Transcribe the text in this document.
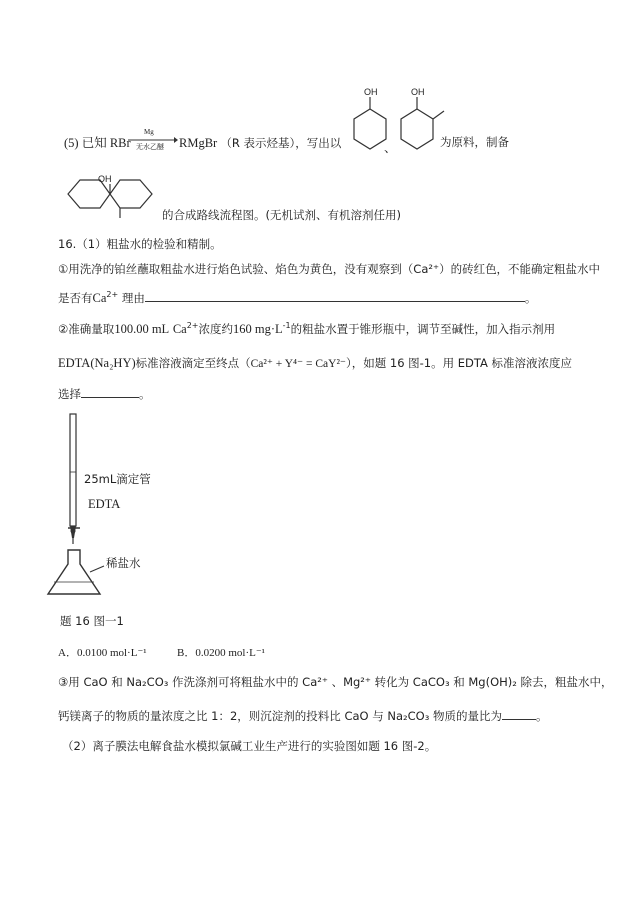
(5) 已知 RBr
Mg
无水乙醚 RMgBr （R 表示烃基），写出以
OH
、
OH
为原料，制备
OH
的合成路线流程图。(无机试剂、有机溶剂任用)
16.（1）粗盐水的检验和精制。
①用洗净的铂丝蘸取粗盐水进行焰色试验、焰色为黄色，没有观察到（Ca²⁺）的砖红色，不能确定粗盐水中
是否有$Ca^{2+}$ 理由	。
②准确量取100.00 mL $Ca^{2+}$浓度约160 $mg\cdot L^{-1}$的粗盐水置于锥形瓶中，调节至碱性，加入指示剂用
EDTA(Na₂HY)标准溶液滴定至终点（Ca²⁺ + Y⁴⁻ = CaY²⁻），如题 16 图-1。用 EDTA 标准溶液浓度应
选择	。
25mL滴定管
EDTA
稀盐水
题 16 图一1
A．0.0100 mol·L⁻¹	B．0.0200 mol·L⁻¹
③用 CaO 和 Na₂CO₃ 作洗涤剂可将粗盐水中的 Ca²⁺ 、Mg²⁺ 转化为 CaCO₃ 和 Mg(OH)₂ 除去，粗盐水中，
钙镁离子的物质的量浓度之比 1：2，则沉淀剂的投料比 CaO 与 Na₂CO₃ 物质的量比为	。
（2）离子膜法电解食盐水模拟氯碱工业生产进行的实验图如题 16 图-2。
